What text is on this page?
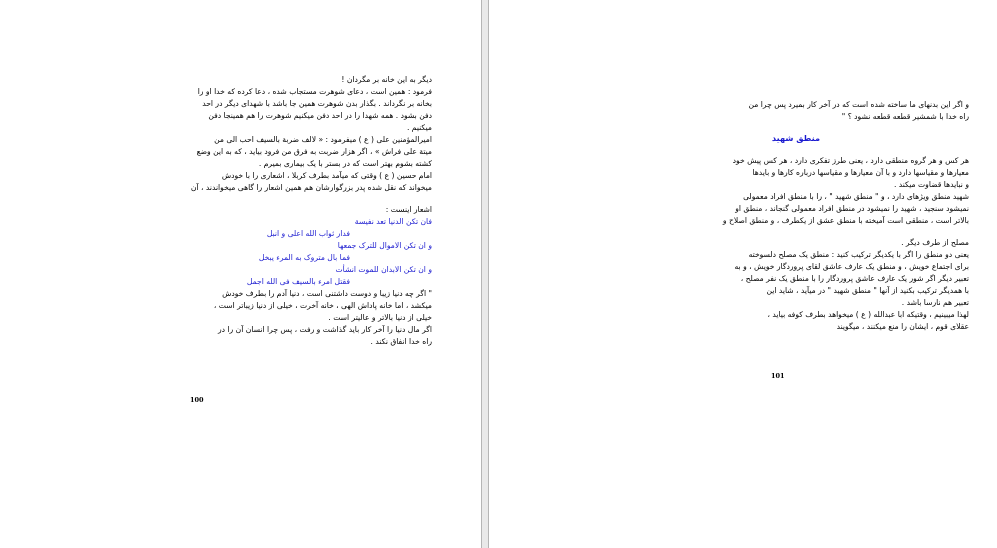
دیگر به این خانه بر مگردان !
فرمود : همین است ، دعای شوهرت مستجاب شده ، دعا کرده که خدا او را
بخانه بر نگرداند . بگذار بدن شوهرت همین جا باشد با شهدای دیگر در احد
دفن بشود . همه شهدا را در احد دفن میکنیم شوهرت را هم همینجا دفن
میکنیم .
امیرالمؤمنین علی ( ع ) میفرمود : « لالف ضربة بالسیف احب الی من
میتة علی فراش » ، اگر هزار ضربت به فرق من فرود بیاید ، که به این وضع
کشته بشوم بهتر است که در بستر با یک بیماری بمیرم .
امام حسین ( ع ) وقتی که میآمد بطرف کربلا ، اشعاری را با خودش
میخواند که نقل شده پدر بزرگوارشان هم همین اشعار را گاهی میخواندند ، آن
اشعار اینست :
فان تکن الدنیا تعد نفیسة
فدار ثواب الله اعلی و انبل
و ان تکن الاموال للترک جمعها
فما بال متروک به المرء یبخل
و ان تکن الابدان للموت انشأت
فقتل امرء بالسیف فی الله اجمل
" اگر چه دنیا زیبا و دوست داشتنی است ، دنیا آدم را بطرف خودش
میکشد ، اما خانه پاداش الهی ، خانه آخرت ، خیلی از دنیا زیباتر است ،
خیلی از دنیا بالاتر و عالیتر است .
اگر مال دنیا را آخر کار باید گذاشت و رفت ، پس چرا انسان آن را در
راه خدا انفاق نکند .
100
و اگر این بدنهای ما ساخته شده است که در آخر کار بمیرد پس چرا من
راه خدا با شمشیر قطعه قطعه نشود ؟ "
منطق شهید
هر کس و هر گروه منطقی دارد ، یعنی طرز تفکری دارد ، هر کس پیش خود
معیارها و مقیاسها دارد و با آن معیارها و مقیاسها درباره کارها و بایدها
و نبایدها قضاوت میکند .
شهید منطق ویژهای دارد ، و " منطق شهید " ، را با منطق افراد معمولی
نمیشود سنجید ، شهید را نمیشود در منطق افراد معمولی گنجاند ، منطق او
بالاتر است ، منطقی است آمیخته با منطق عشق از یکطرف ، و منطق اصلاح و
مصلح از طرف دیگر .
یعنی دو منطق را اگر با یکدیگر ترکیب کنید : منطق یک مصلح دلسوخته
برای اجتماع خویش ، و منطق یک عارف عاشق لقای پروردگار خویش ، و به
تعبیر دیگر اگر شور یک عارف عاشق پروردگار را با منطق یک نفر مصلح ،
با همدیگر ترکیب بکنید از آنها " منطق شهید " در میآید ، شاید این
تعبیر هم نارسا باشد .
لهذا میبینیم ، وقتیکه ابا عبدالله ( ع ) میخواهد بطرف کوفه بیاید ،
عقلای قوم ، ایشان را منع میکنند ، میگویند
101
